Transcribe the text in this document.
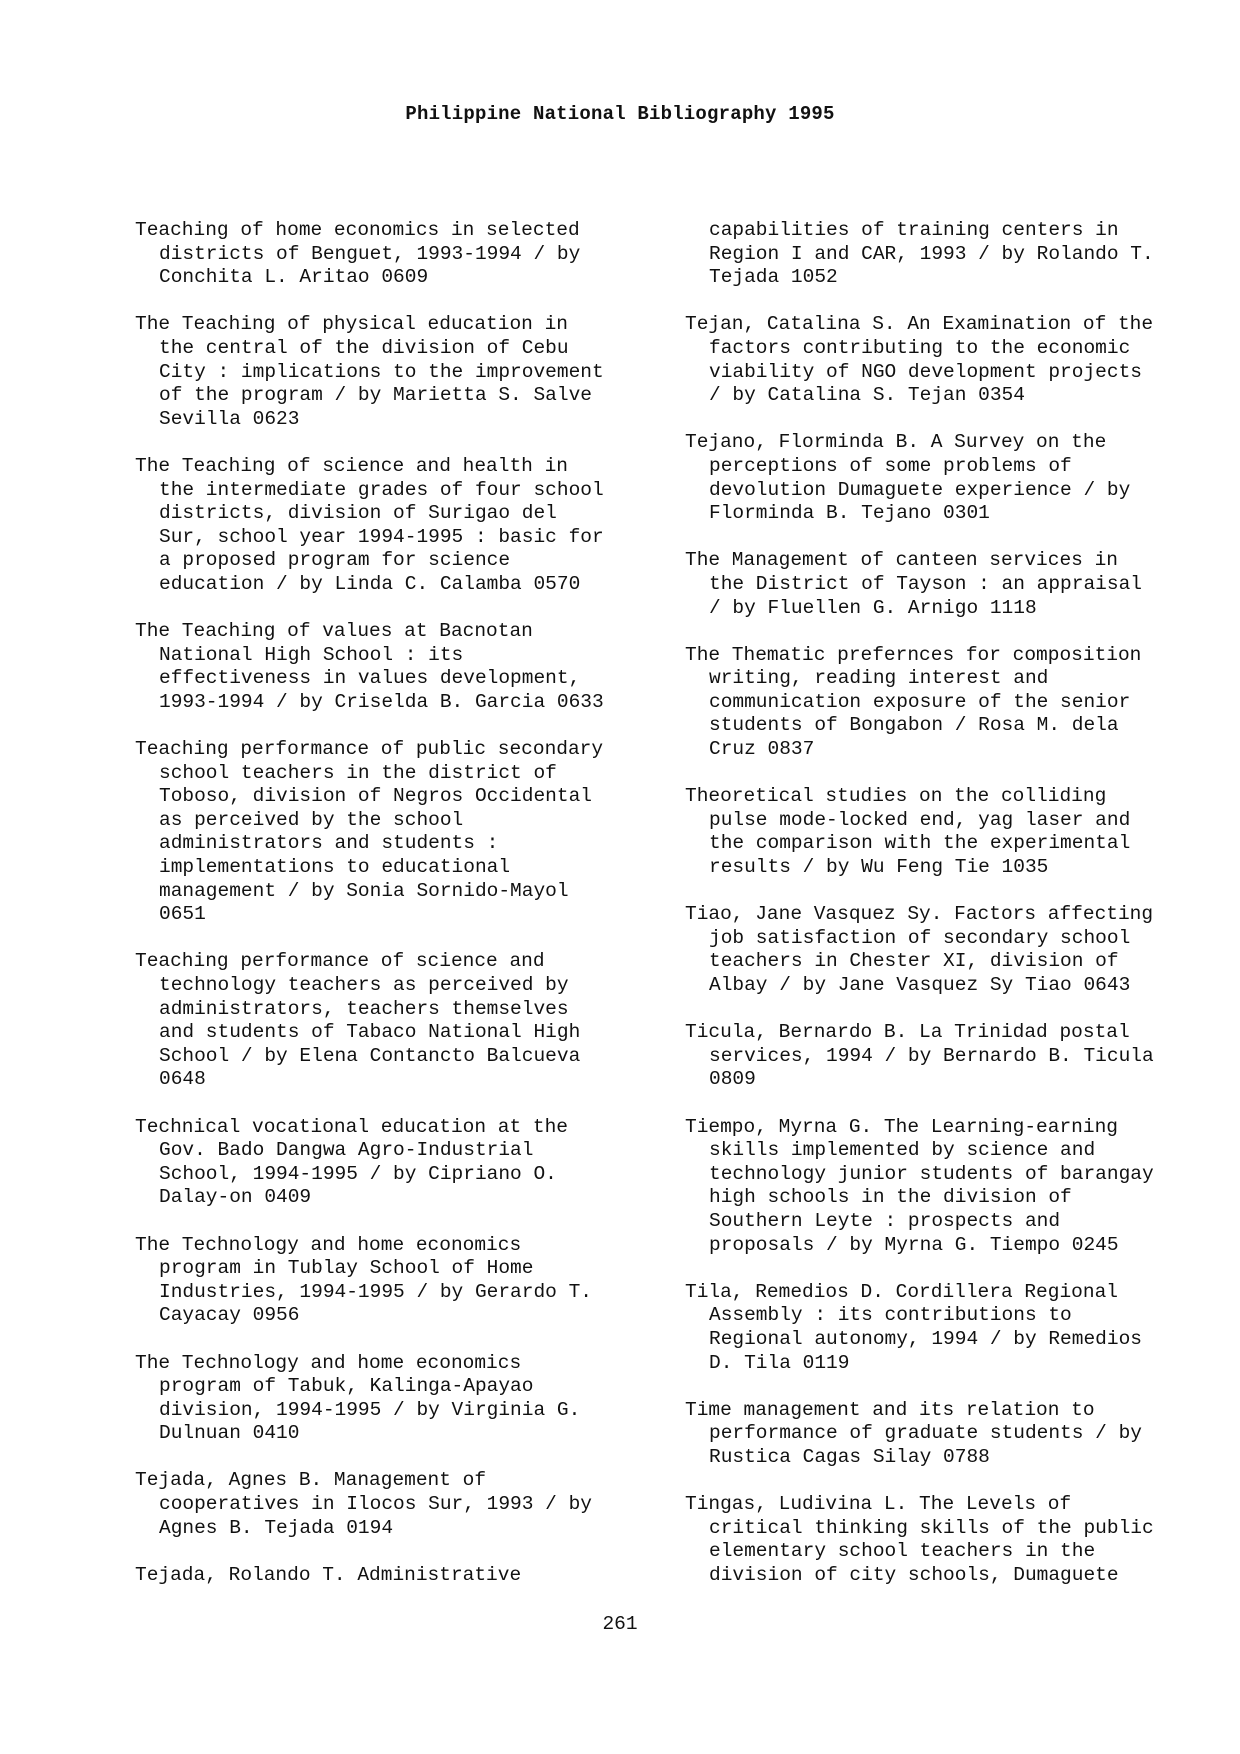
Philippine National Bibliography 1995

Teaching of home economics in selected
districts of Benguet, 1993-1994 / by
Conchita L. Aritao 0609

The Teaching of physical education in
the central of the division of Cebu
City : implications to the improvement
of the program / by Marietta S. Salve
Sevilla 0623

The Teaching of science and health in
the intermediate grades of four school
districts, division of Surigao del
Sur, school year 1994-1995 : basic for
a proposed program for science
education / by Linda C. Calamba 0570

The Teaching of values at Bacnotan
National High School : its
effectiveness in values development,
1993-1994 / by Criselda B. Garcia 0633

Teaching performance of public secondary
school teachers in the district of
Toboso, division of Negros Occidental
as perceived by the school
administrators and students :
implementations to educational
management / by Sonia Sornido-Mayol
0651

Teaching performance of science and
technology teachers as perceived by
administrators, teachers themselves
and students of Tabaco National High
School / by Elena Contancto Balcueva
0648

Technical vocational education at the
Gov. Bado Dangwa Agro-Industrial
School, 1994-1995 / by Cipriano O.
Dalay-on 0409

The Technology and home economics
program in Tublay School of Home
Industries, 1994-1995 / by Gerardo T.
Cayacay 0956

The Technology and home economics
program of Tabuk, Kalinga-Apayao
division, 1994-1995 / by Virginia G.
Dulnuan 0410

Tejada, Agnes B. Management of
cooperatives in Ilocos Sur, 1993 / by
Agnes B. Tejada 0194

Tejada, Rolando T. Administrative

capabilities of training centers in
Region I and CAR, 1993 / by Rolando T.
Tejada 1052

Tejan, Catalina S. An Examination of the
factors contributing to the economic
viability of NGO development projects
/ by Catalina S. Tejan 0354

Tejano, Florminda B. A Survey on the
perceptions of some problems of
devolution Dumaguete experience / by
Florminda B. Tejano 0301

The Management of canteen services in
the District of Tayson : an appraisal
/ by Fluellen G. Arnigo 1118

The Thematic prefernces for composition
writing, reading interest and
communication exposure of the senior
students of Bongabon / Rosa M. dela
Cruz 0837

Theoretical studies on the colliding
pulse mode-locked end, yag laser and
the comparison with the experimental
results / by Wu Feng Tie 1035

Tiao, Jane Vasquez Sy. Factors affecting
job satisfaction of secondary school
teachers in Chester XI, division of
Albay / by Jane Vasquez Sy Tiao 0643

Ticula, Bernardo B. La Trinidad postal
services, 1994 / by Bernardo B. Ticula
0809

Tiempo, Myrna G. The Learning-earning
skills implemented by science and
technology junior students of barangay
high schools in the division of
Southern Leyte : prospects and
proposals / by Myrna G. Tiempo 0245

Tila, Remedios D. Cordillera Regional
Assembly : its contributions to
Regional autonomy, 1994 / by Remedios
D. Tila 0119

Time management and its relation to
performance of graduate students / by
Rustica Cagas Silay 0788

Tingas, Ludivina L. The Levels of
critical thinking skills of the public
elementary school teachers in the
division of city schools, Dumaguete

261
